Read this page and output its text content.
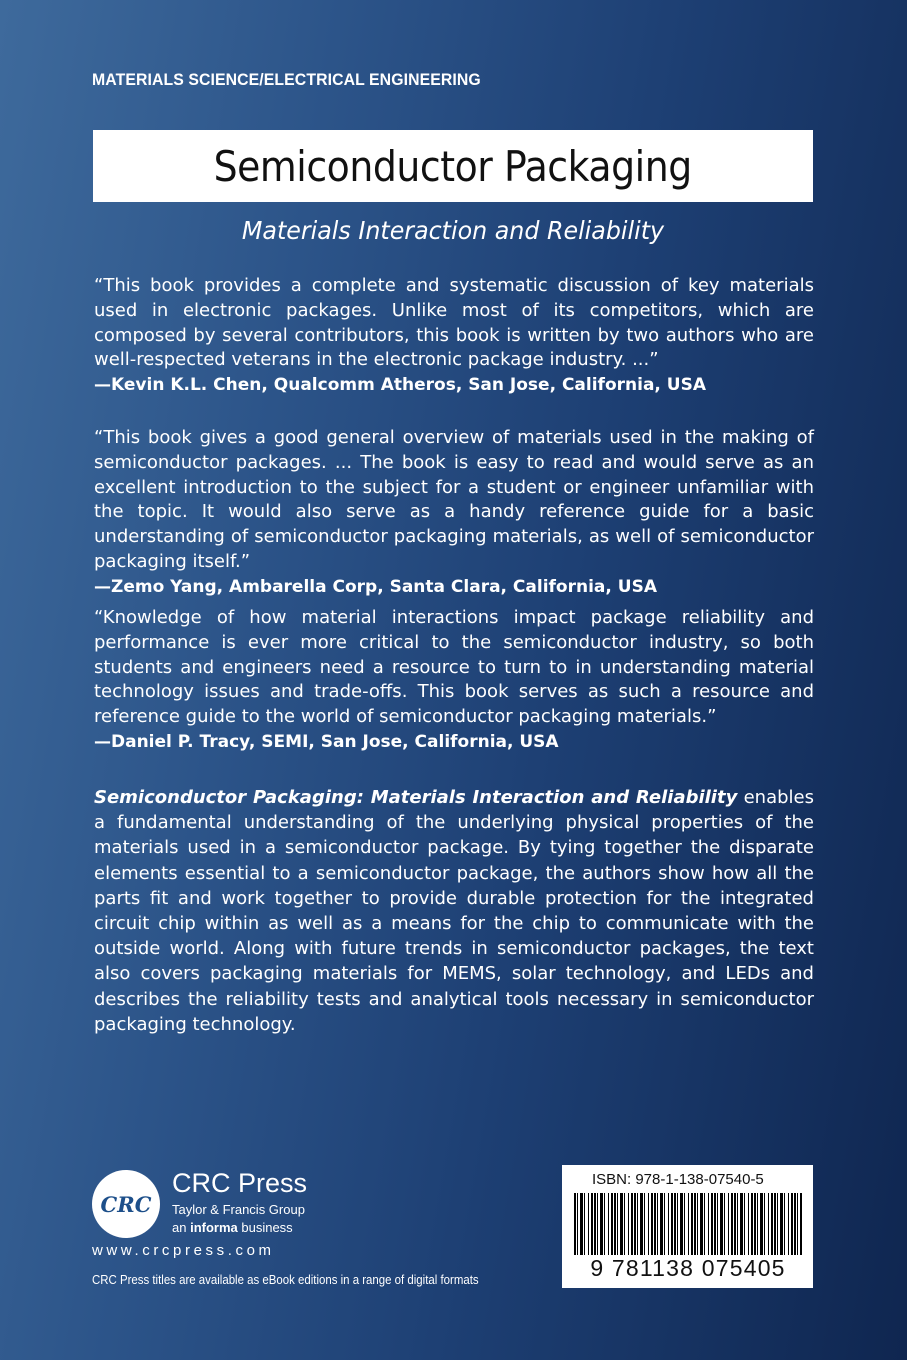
MATERIALS SCIENCE/ELECTRICAL ENGINEERING
Semiconductor Packaging
Materials Interaction and Reliability

“This book provides a complete and systematic discussion of key materials used in electronic packages. Unlike most of its competitors, which are composed by several contributors, this book is written by two authors who are well-respected veterans in the electronic package industry. ...”
—Kevin K.L. Chen, Qualcomm Atheros, San Jose, California, USA

“This book gives a good general overview of materials used in the making of semiconductor packages. ... The book is easy to read and would serve as an excellent introduction to the subject for a student or engineer unfamiliar with the topic. It would also serve as a handy reference guide for a basic understanding of semiconductor packaging materials, as well of semiconductor packaging itself.”
—Zemo Yang, Ambarella Corp, Santa Clara, California, USA

“Knowledge of how material interactions impact package reliability and performance is ever more critical to the semiconductor industry, so both students and engineers need a resource to turn to in understanding material technology issues and trade-offs. This book serves as such a resource and reference guide to the world of semiconductor packaging materials.”
—Daniel P. Tracy, SEMI, San Jose, California, USA

Semiconductor Packaging: Materials Interaction and Reliability enables a fundamental understanding of the underlying physical properties of the materials used in a semiconductor package. By tying together the disparate elements essential to a semiconductor package, the authors show how all the parts fit and work together to provide durable protection for the integrated circuit chip within as well as a means for the chip to communicate with the outside world. Along with future trends in semiconductor packages, the text also covers packaging materials for MEMS, solar technology, and LEDs and describes the reliability tests and analytical tools necessary in semiconductor packaging technology.

CRC
CRC Press
Taylor & Francis Group
an informa business
www.crcpress.com
CRC Press titles are available as eBook editions in a range of digital formats
ISBN: 978-1-138-07540-5
9 781138 075405
